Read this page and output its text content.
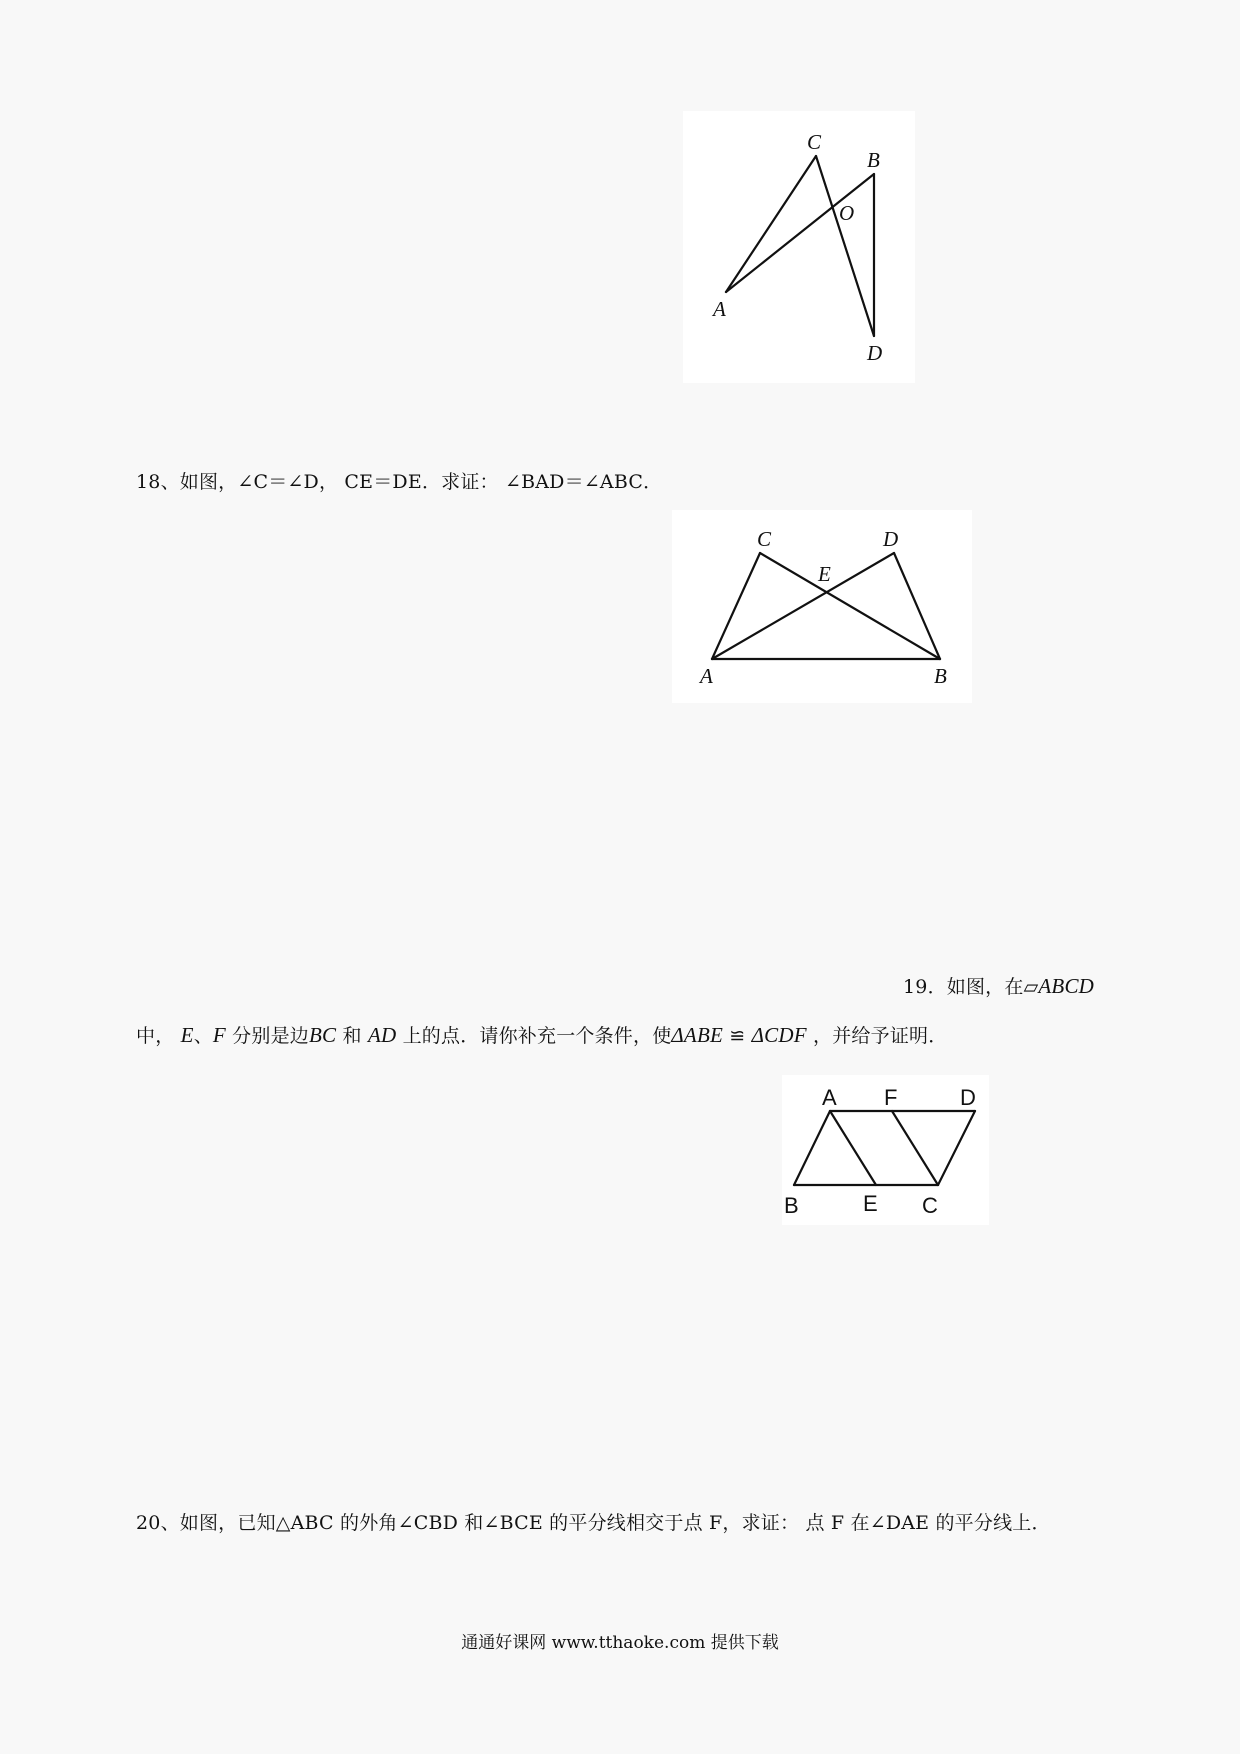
C
B
O
A
D
18、如图，∠C＝∠D， CE＝DE．求证： ∠BAD＝∠ABC．
C	D
E
A	B
19．如图，在▱ABCD
中， E、F 分别是边BC 和 AD 上的点．请你补充一个条件，使ΔABE ≌ ΔCDF ，并给予证明．
A F	D
B	E C
20、如图，已知△ABC 的外角∠CBD 和∠BCE 的平分线相交于点 F，求证： 点 F 在∠DAE 的平分线上．
通通好课网 www.tthaoke.com 提供下载
